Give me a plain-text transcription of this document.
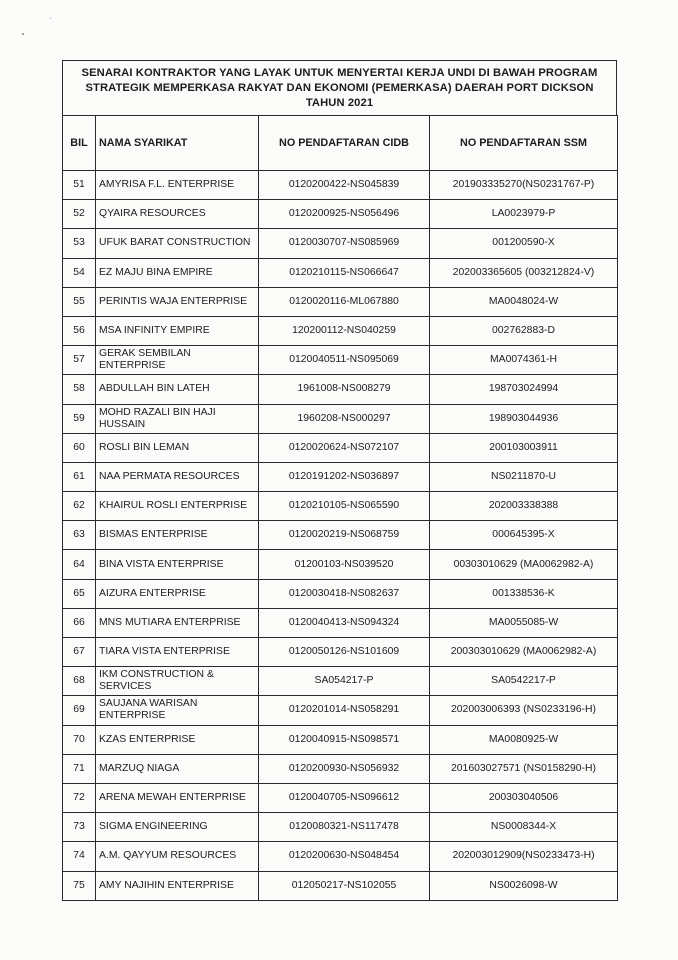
SENARAI KONTRAKTOR YANG LAYAK UNTUK MENYERTAI KERJA UNDI DI BAWAH PROGRAM
STRATEGIK MEMPERKASA RAKYAT DAN EKONOMI (PEMERKASA) DAERAH PORT DICKSON
TAHUN 2021
BIL	NAMA SYARIKAT	NO PENDAFTARAN CIDB	NO PENDAFTARAN SSM
51	AMYRISA F.L. ENTERPRISE	0120200422-NS045839	201903335270(NS0231767-P)
52	QYAIRA RESOURCES	0120200925-NS056496	LA0023979-P
53	UFUK BARAT CONSTRUCTION	0120030707-NS085969	001200590-X
54	EZ MAJU BINA EMPIRE	0120210115-NS066647	202003365605 (003212824-V)
55	PERINTIS WAJA ENTERPRISE	0120020116-ML067880	MA0048024-W
56	MSA INFINITY EMPIRE	120200112-NS040259	002762883-D
57	GERAK SEMBILAN ENTERPRISE	0120040511-NS095069	MA0074361-H
58	ABDULLAH BIN LATEH	1961008-NS008279	198703024994
59	MOHD RAZALI BIN HAJI HUSSAIN	1960208-NS000297	198903044936
60	ROSLI BIN LEMAN	0120020624-NS072107	200103003911
61	NAA PERMATA RESOURCES	0120191202-NS036897	NS0211870-U
62	KHAIRUL ROSLI ENTERPRISE	0120210105-NS065590	202003338388
63	BISMAS ENTERPRISE	0120020219-NS068759	000645395-X
64	BINA VISTA ENTERPRISE	01200103-NS039520	00303010629 (MA0062982-A)
65	AIZURA ENTERPRISE	0120030418-NS082637	001338536-K
66	MNS MUTIARA ENTERPRISE	0120040413-NS094324	MA0055085-W
67	TIARA VISTA ENTERPRISE	0120050126-NS101609	200303010629 (MA0062982-A)
68	IKM CONSTRUCTION & SERVICES	SA054217-P	SA0542217-P
69	SAUJANA WARISAN ENTERPRISE	0120201014-NS058291	202003006393 (NS0233196-H)
70	KZAS ENTERPRISE	0120040915-NS098571	MA0080925-W
71	MARZUQ NIAGA	0120200930-NS056932	201603027571 (NS0158290-H)
72	ARENA MEWAH ENTERPRISE	0120040705-NS096612	200303040506
73	SIGMA ENGINEERING	0120080321-NS117478	NS0008344-X
74	A.M. QAYYUM RESOURCES	0120200630-NS048454	202003012909(NS0233473-H)
75	AMY NAJIHIN ENTERPRISE	012050217-NS102055	NS0026098-W
